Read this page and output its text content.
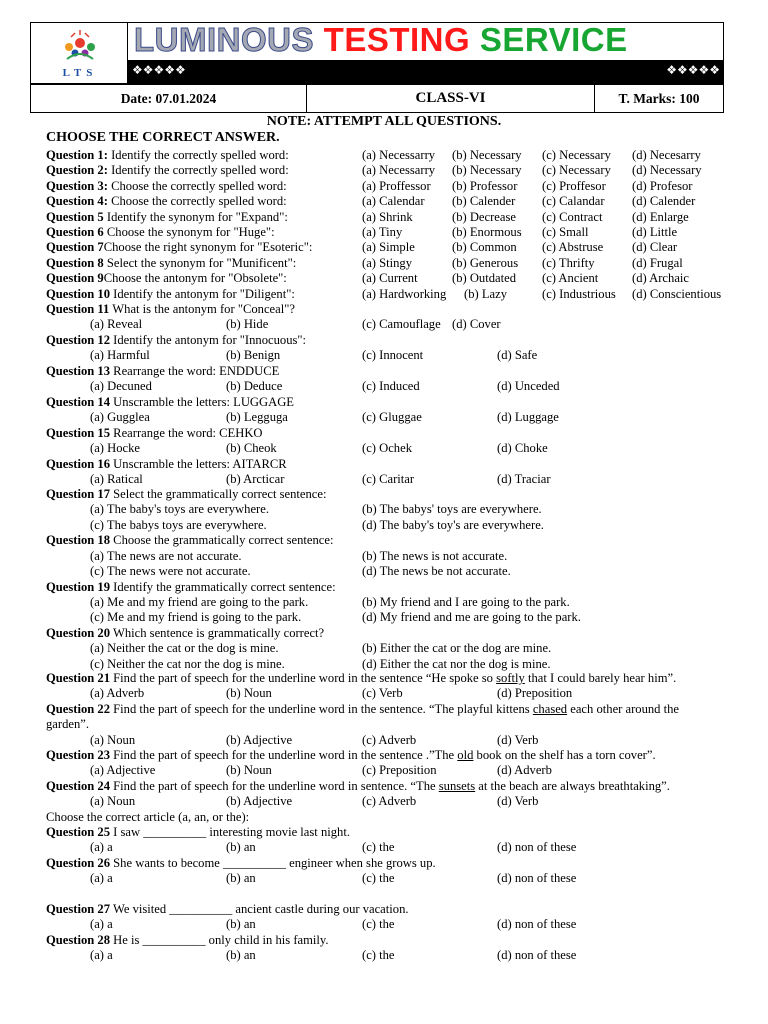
LTS
LUMINOUS TESTING SERVICE
❖❖❖❖❖	❖❖❖❖❖
Date: 07.01.2024	CLASS-VI	T. Marks: 100
NOTE: ATTEMPT ALL QUESTIONS.
CHOOSE THE CORRECT ANSWER.
Question 1: Identify the correctly spelled word:	(a) Necessarry (b) Necessary (c) Necessary (d) Necesarry
Question 2: Identify the correctly spelled word:	(a) Necessarry (b) Necessary (c) Necessary (d) Necessary
Question 3: Choose the correctly spelled word:	(a) Proffessor (b) Professor (c) Proffesor (d) Profesor
Question 4: Choose the correctly spelled word:	(a) Calendar (b) Calender (c) Calandar (d) Calender
Question 5 Identify the synonym for "Expand":	(a) Shrink	(b) Decrease (c) Contract (d) Enlarge
Question 6 Choose the synonym for "Huge":	(a) Tiny	(b) Enormous (c) Small	(d) Little
Question 7Choose the right synonym for "Esoteric":	(a) Simple	(b) Common (c) Abstruse (d) Clear
Question 8 Select the synonym for "Munificent":	(a) Stingy	(b) Generous (c) Thrifty	(d) Frugal
Question 9Choose the antonym for "Obsolete":	(a) Current	(b) Outdated (c) Ancient	(d) Archaic
Question 10 Identify the antonym for "Diligent":	(a) Hardworking (b) Lazy	(c) Industrious (d) Conscientious
Question 11 What is the antonym for "Conceal"?
(a) Reveal	(b) Hide	(c) Camouflage (d) Cover
Question 12 Identify the antonym for "Innocuous":
(a) Harmful	(b) Benign	(c) Innocent	(d) Safe
Question 13 Rearrange the word: ENDDUCE
(a) Decuned	(b) Deduce	(c) Induced	(d) Unceded
Question 14 Unscramble the letters: LUGGAGE
(a) Gugglea	(b) Legguga	(c) Gluggae	(d) Luggage
Question 15 Rearrange the word: CEHKO
(a) Hocke	(b) Cheok	(c) Ochek	(d) Choke
Question 16 Unscramble the letters: AITARCR
(a) Ratical	(b) Arcticar	(c) Caritar	(d) Traciar
Question 17 Select the grammatically correct sentence:
(a) The baby's toys are everywhere.	(b) The babys' toys are everywhere.
(c) The babys toys are everywhere.	(d) The baby's toy's are everywhere.
Question 18 Choose the grammatically correct sentence:
(a) The news are not accurate.	(b) The news is not accurate.
(c) The news were not accurate.	(d) The news be not accurate.
Question 19 Identify the grammatically correct sentence:
(a) Me and my friend are going to the park.	(b) My friend and I are going to the park.
(c) Me and my friend is going to the park.	(d) My friend and me are going to the park.
Question 20 Which sentence is grammatically correct?
(a) Neither the cat or the dog is mine.	(b) Either the cat or the dog are mine.
(c) Neither the cat nor the dog is mine.	(d) Either the cat nor the dog is mine.
Question 21 Find the part of speech for the underline word in the sentence “He spoke so softly that I could barely hear him”.
(a) Adverb	(b) Noun	(c) Verb	(d) Preposition
Question 22 Find the part of speech for the underline word in the sentence. “The playful kittens chased each other around the
garden”.
(a) Noun	(b) Adjective	(c) Adverb	(d) Verb
Question 23 Find the part of speech for the underline word in the sentence .”The old book on the shelf has a torn cover”.
(a) Adjective	(b) Noun	(c) Preposition	(d) Adverb
Question 24 Find the part of speech for the underline word in sentence. “The sunsets at the beach are always breathtaking”.
(a) Noun	(b) Adjective	(c) Adverb	(d) Verb
Choose the correct article (a, an, or the):
Question 25 I saw __________ interesting movie last night.
(a) a	(b) an	(c) the	(d) non of these
Question 26 She wants to become __________ engineer when she grows up.
(a) a	(b) an	(c) the	(d) non of these
Question 27 We visited __________ ancient castle during our vacation.
(a) a	(b) an	(c) the	(d) non of these
Question 28 He is __________ only child in his family.
(a) a	(b) an	(c) the	(d) non of these
